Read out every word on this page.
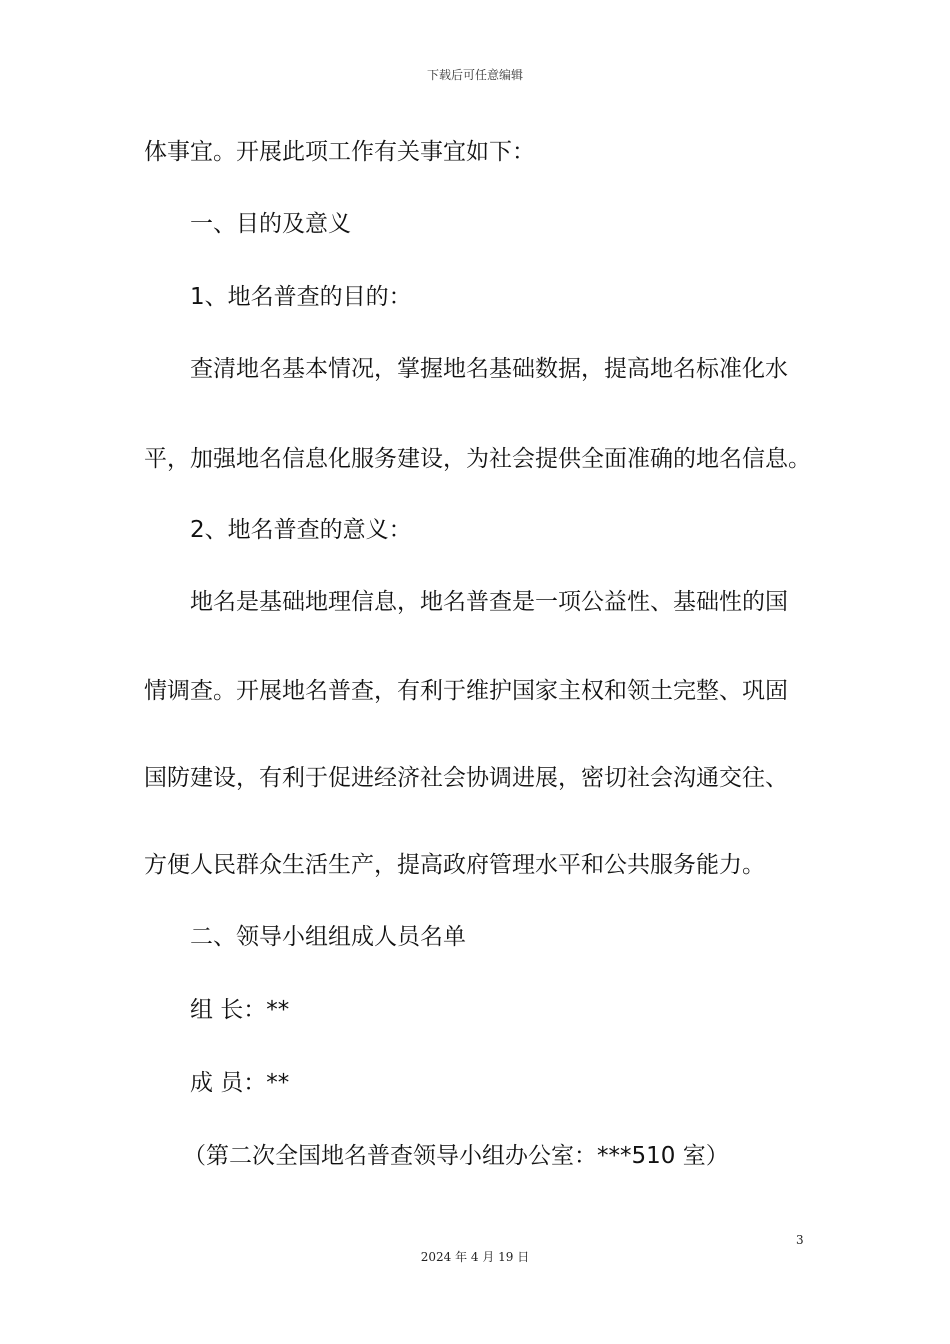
下载后可任意编辑
体事宜。开展此项工作有关事宜如下：
一、目的及意义
1、地名普查的目的：
查清地名基本情况，掌握地名基础数据，提高地名标准化水
平，加强地名信息化服务建设，为社会提供全面准确的地名信息。
2、地名普查的意义：
地名是基础地理信息，地名普查是一项公益性、基础性的国
情调查。开展地名普查，有利于维护国家主权和领土完整、巩固
国防建设，有利于促进经济社会协调进展，密切社会沟通交往、
方便人民群众生活生产，提高政府管理水平和公共服务能力。
二、领导小组组成人员名单
组 长：**
成 员：**
（第二次全国地名普查领导小组办公室：***510 室）
3
2024 年 4 月 19 日
